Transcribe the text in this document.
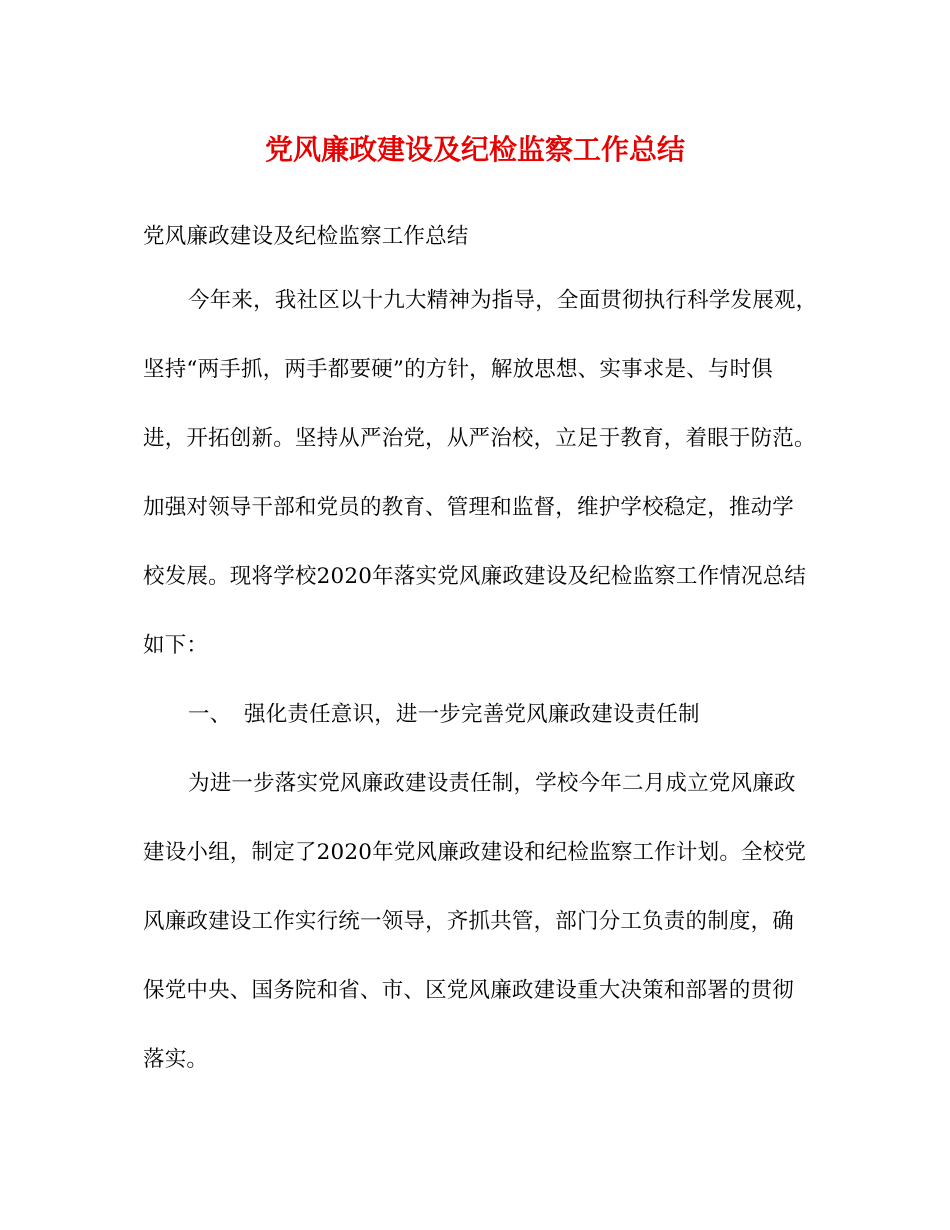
党风廉政建设及纪检监察工作总结
党风廉政建设及纪检监察工作总结
今年来，我社区以十九大精神为指导，全面贯彻执行科学发展观，
坚持“两手抓，两手都要硬”的方针，解放思想、实事求是、与时俱
进，开拓创新。坚持从严治党，从严治校，立足于教育，着眼于防范。
加强对领导干部和党员的教育、管理和监督，维护学校稳定，推动学
校发展。现将学校2020年落实党风廉政建设及纪检监察工作情况总结
如下：
一、 强化责任意识，进一步完善党风廉政建设责任制
为进一步落实党风廉政建设责任制，学校今年二月成立党风廉政
建设小组，制定了2020年党风廉政建设和纪检监察工作计划。全校党
风廉政建设工作实行统一领导，齐抓共管，部门分工负责的制度，确
保党中央、国务院和省、市、区党风廉政建设重大决策和部署的贯彻
落实。
